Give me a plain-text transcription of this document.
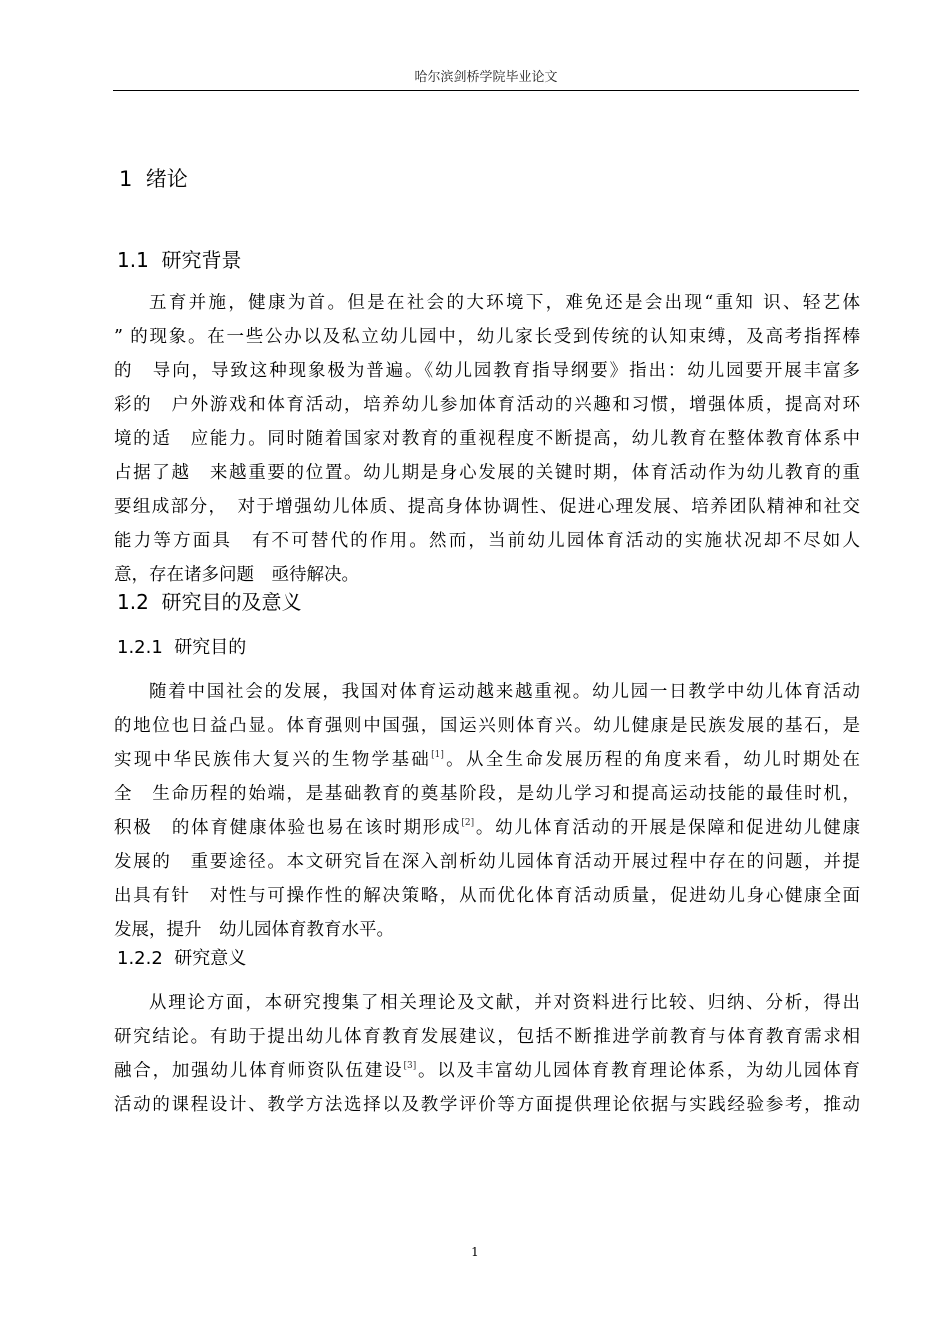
哈尔滨剑桥学院毕业论文
1 绪论
1.1 研究背景
五育并施，健康为首。但是在社会的大环境下，难免还是会出现“重知 识、轻艺体
” 的现象。在一些公办以及私立幼儿园中，幼儿家长受到传统的认知束缚，及高考指挥棒
的　导向，导致这种现象极为普遍。《幼儿园教育指导纲要》指出：幼儿园要开展丰富多
彩的　户外游戏和体育活动，培养幼儿参加体育活动的兴趣和习惯，增强体质，提高对环
境的适　应能力。同时随着国家对教育的重视程度不断提高，幼儿教育在整体教育体系中
占据了越　来越重要的位置。幼儿期是身心发展的关键时期，体育活动作为幼儿教育的重
要组成部分，　对于增强幼儿体质、提高身体协调性、促进心理发展、培养团队精神和社交
能力等方面具　有不可替代的作用。然而，当前幼儿园体育活动的实施状况却不尽如人
意，存在诸多问题　亟待解决。
1.2 研究目的及意义
1.2.1 研究目的
随着中国社会的发展，我国对体育运动越来越重视。幼儿园一日教学中幼儿体育活动
的地位也日益凸显。体育强则中国强，国运兴则体育兴。幼儿健康是民族发展的基石，是
实现中华民族伟大复兴的生物学基础[1]。从全生命发展历程的角度来看，幼儿时期处在
全　生命历程的始端，是基础教育的奠基阶段，是幼儿学习和提高运动技能的最佳时机，
积极　的体育健康体验也易在该时期形成[2]。幼儿体育活动的开展是保障和促进幼儿健康
发展的　重要途径。本文研究旨在深入剖析幼儿园体育活动开展过程中存在的问题，并提
出具有针　对性与可操作性的解决策略，从而优化体育活动质量，促进幼儿身心健康全面
发展，提升　幼儿园体育教育水平。
1.2.2 研究意义
从理论方面，本研究搜集了相关理论及文献，并对资料进行比较、归纳、分析，得出
研究结论。有助于提出幼儿体育教育发展建议，包括不断推进学前教育与体育教育需求相
融合，加强幼儿体育师资队伍建设[3]。以及丰富幼儿园体育教育理论体系，为幼儿园体育
活动的课程设计、教学方法选择以及教学评价等方面提供理论依据与实践经验参考，推动
1
